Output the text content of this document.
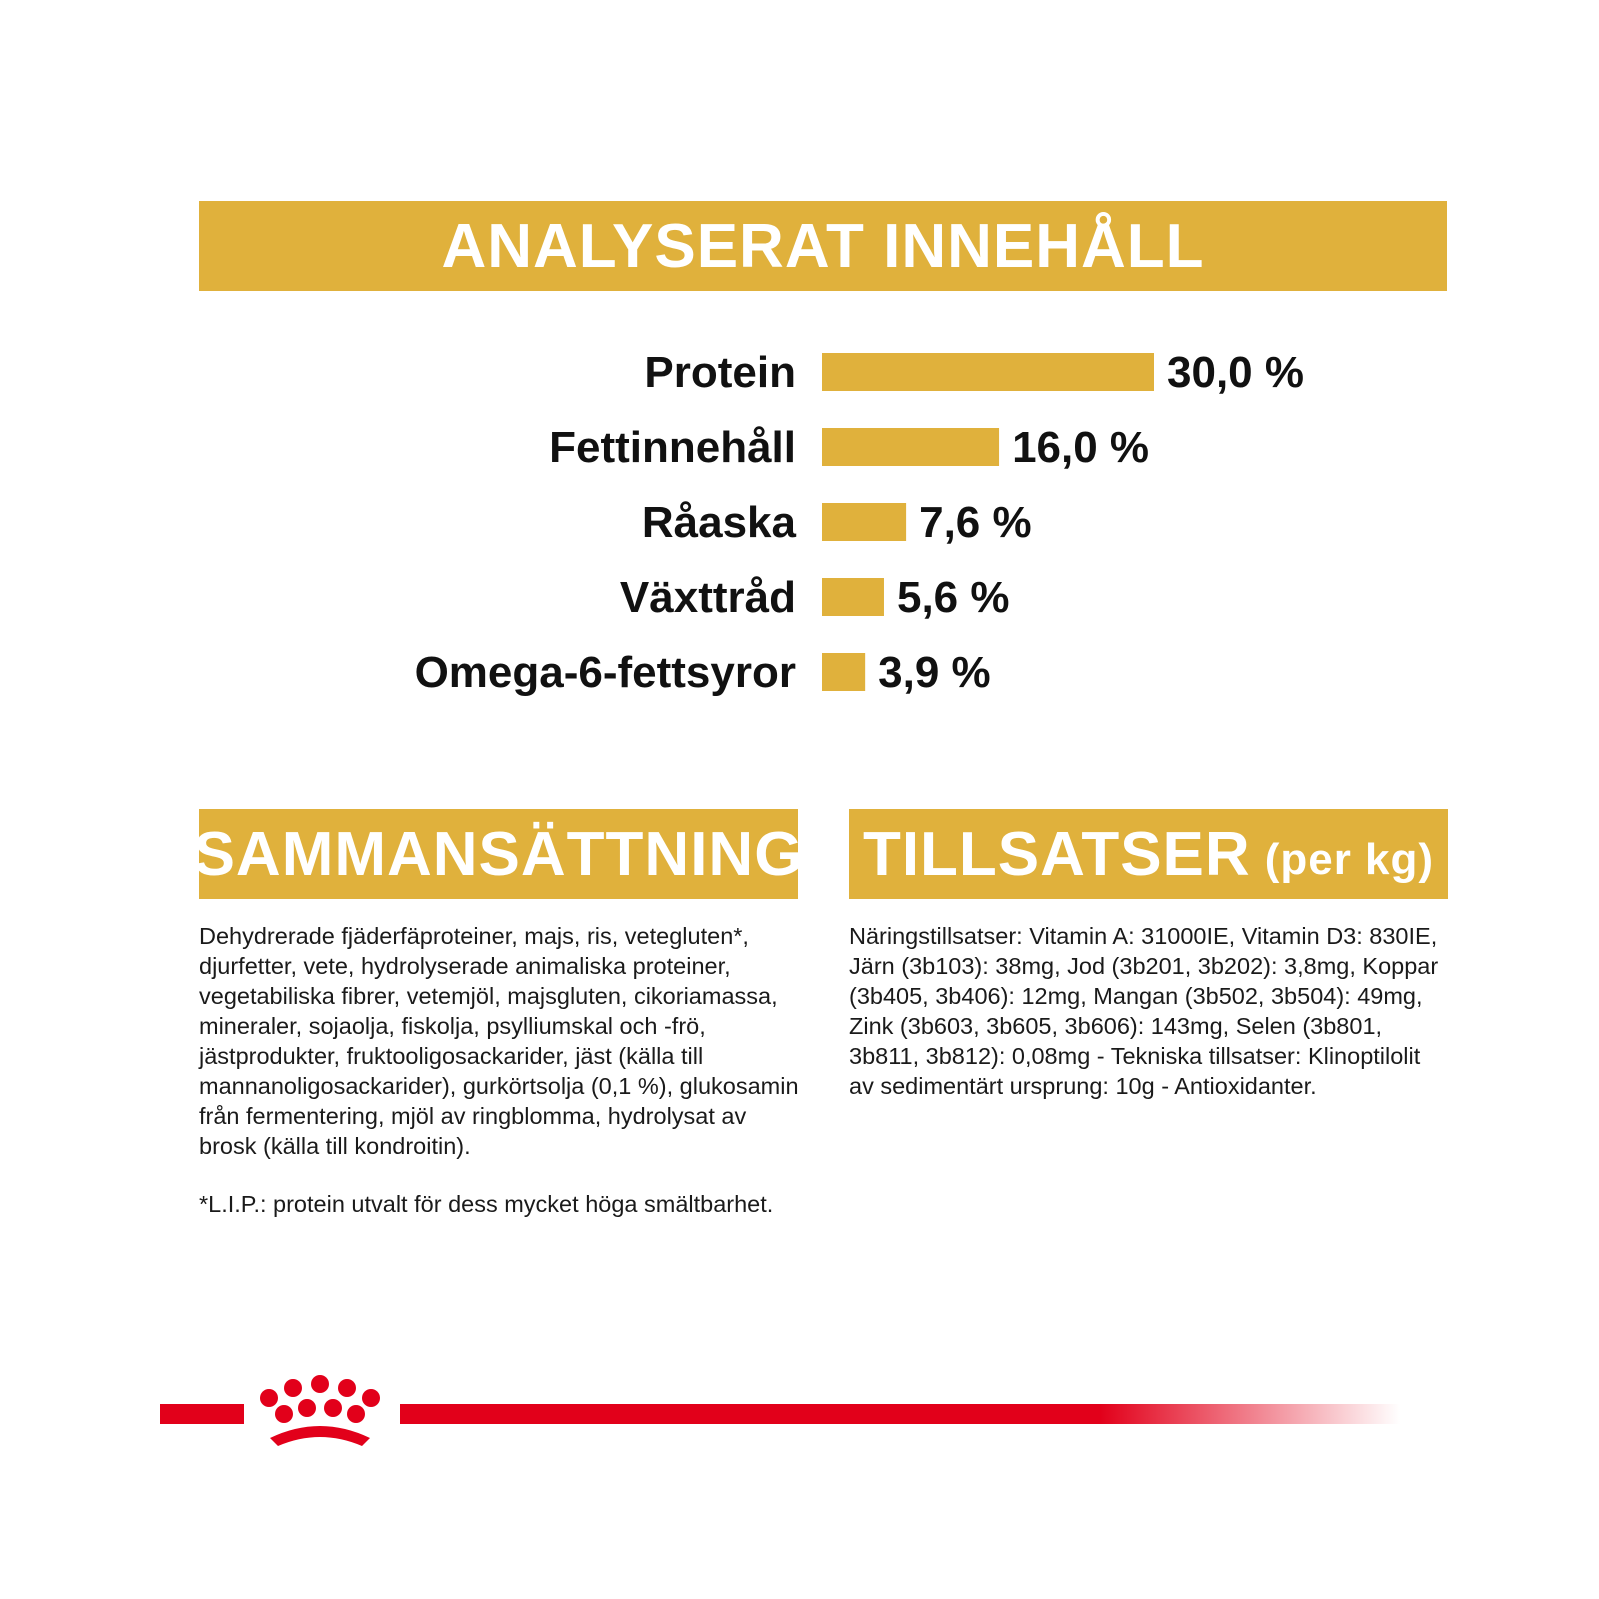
ANALYSERAT INNEHÅLL
Protein	30,0 %
Fettinnehåll	16,0 %
Råaska	7,6 %
Växttråd 5,6 %
Omega-6-fettsyror 3,9 %
SAMMANSÄTTNING TILLSATSER (per kg)

Dehydrerade fjäderfäproteiner, majs, ris, vetegluten*, djurfetter, vete, hydrolyserade animaliska proteiner, vegetabiliska fibrer, vetemjöl, majsgluten, cikoriamassa, mineraler, sojaolja, fiskolja, psylliumskal och -frö, jästprodukter, fruktooligosackarider, jäst (källa till mannanoligosackarider), gurkörtsolja (0,1 %), glukosamin från fermentering, mjöl av ringblomma, hydrolysat av brosk (källa till kondroitin).

*L.I.P.: protein utvalt för dess mycket höga smältbarhet.

Näringstillsatser: Vitamin A: 31000IE, Vitamin D3: 830IE, Järn (3b103): 38mg, Jod (3b201, 3b202): 3,8mg, Koppar (3b405, 3b406): 12mg, Mangan (3b502, 3b504): 49mg, Zink (3b603, 3b605, 3b606): 143mg, Selen (3b801, 3b811, 3b812): 0,08mg - Tekniska tillsatser: Klinoptilolit av sedimentärt ursprung: 10g - Antioxidanter.
